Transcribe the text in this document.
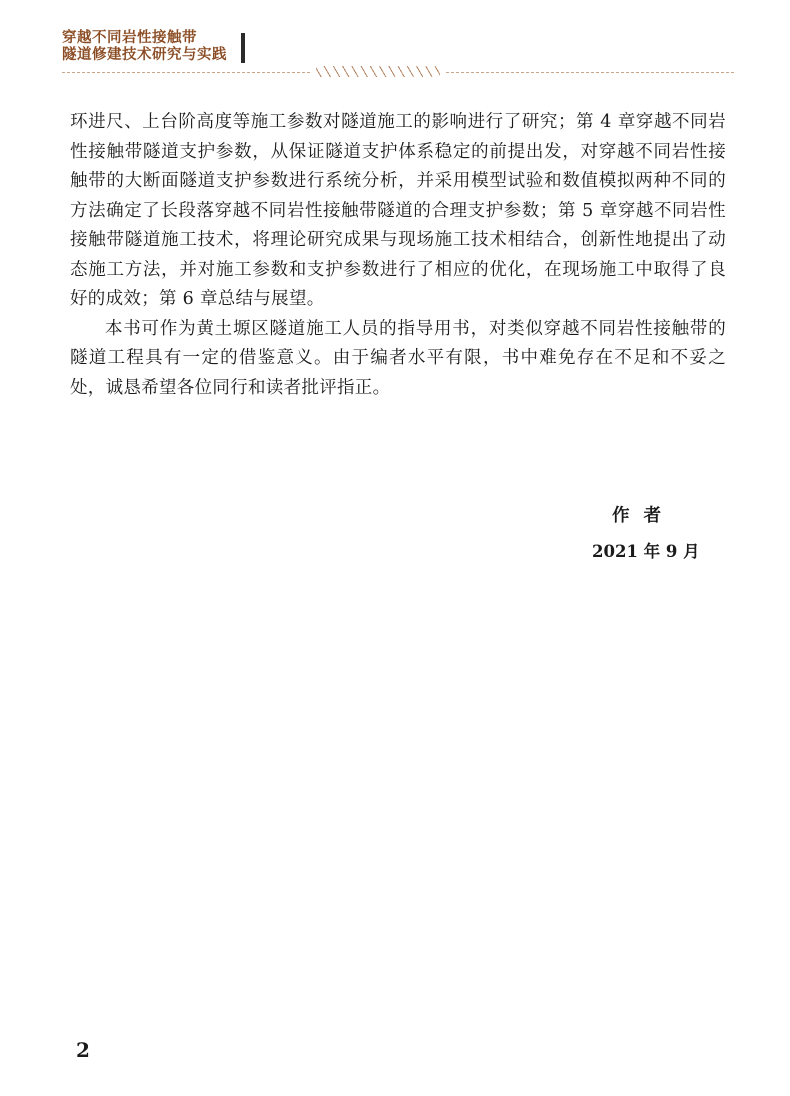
穿越不同岩性接触带
隧道修建技术研究与实践

环进尺、上台阶高度等施工参数对隧道施工的影响进行了研究；第 4 章穿越不同岩性接触带隧道支护参数，从保证隧道支护体系稳定的前提出发，对穿越不同岩性接触带的大断面隧道支护参数进行系统分析，并采用模型试验和数值模拟两种不同的方法确定了长段落穿越不同岩性接触带隧道的合理支护参数；第 5 章穿越不同岩性接触带隧道施工技术，将理论研究成果与现场施工技术相结合，创新性地提出了动态施工方法，并对施工参数和支护参数进行了相应的优化，在现场施工中取得了良好的成效；第 6 章总结与展望。

本书可作为黄土塬区隧道施工人员的指导用书，对类似穿越不同岩性接触带的隧道工程具有一定的借鉴意义。由于编者水平有限，书中难免存在不足和不妥之处，诚恳希望各位同行和读者批评指正。

作者
2021 年 9 月
2
